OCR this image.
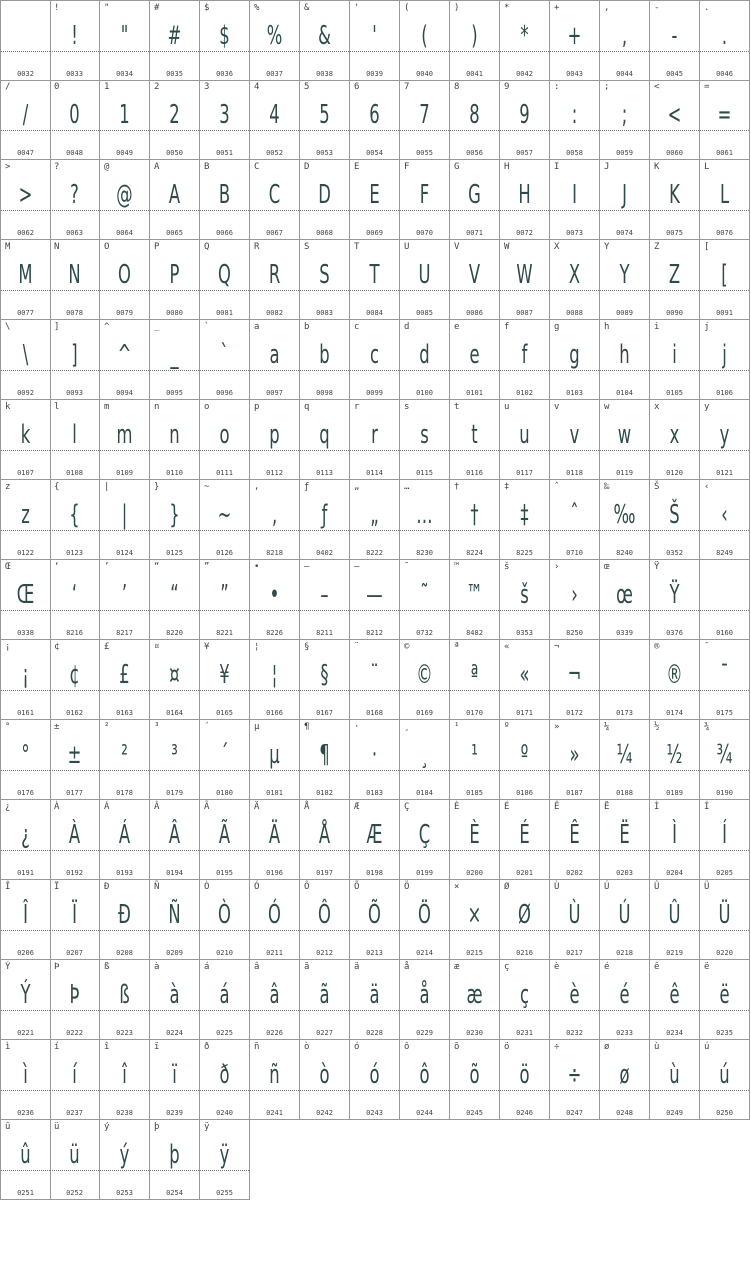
0032
!
!
0033
"
"
0034
#
#
0035
$
$
0036
%
%
0037
&
&
0038
'
'
0039
(
(
0040
)
)
0041
*
*
0042
+
+
0043
,
,
0044
-
-
0045
.
.
0046
/
/
0047
0
0
0048
1
1
0049
2
2
0050
3
3
0051
4
4
0052
5
5
0053
6
6
0054
7
7
0055
8
8
0056
9
9
0057
:
:
0058
;
;
0059
<
<
0060
=
=
0061
>
>
0062
?
?
0063
@
@
0064
A
A
0065
B
B
0066
C
C
0067
D
D
0068
E
E
0069
F
F
0070
G
G
0071
H
H
0072
I
I
0073
J
J
0074
K
K
0075
L
L
0076
M
M
0077
N
N
0078
O
O
0079
P
P
0080
Q
Q
0081
R
R
0082
S
S
0083
T
T
0084
U
U
0085
V
V
0086
W
W
0087
X
X
0088
Y
Y
0089
Z
Z
0090
[
[
0091
\
\
0092
]
]
0093
^
^
0094
_
_
0095
`
`
0096
a
a
0097
b
b
0098
c
c
0099
d
d
0100
e
e
0101
f
f
0102
g
g
0103
h
h
0104
i
i
0105
j
j
0106
k
k
0107
l
l
0108
m
m
0109
n
n
0110
o
o
0111
p
p
0112
q
q
0113
r
r
0114
s
s
0115
t
t
0116
u
u
0117
v
v
0118
w
w
0119
x
x
0120
y
y
0121
z
z
0122
{
{
0123
|
|
0124
}
}
0125
~
~
0126
‚
‚
8218
ƒ
ƒ
0402
„
„
8222
…
…
8230
†
†
8224
‡
‡
8225
ˆ
ˆ
0710
‰
‰
8240
Š
Š
0352
‹
‹
8249
Œ
Œ
0338
‘
‘
8216
’
’
8217
“
“
8220
”
”
8221
•
•
8226
–
–
8211
—
—
8212
˜
˜
0732
™
™
8482
š
š
0353
›
›
8250
œ
œ
0339
Ÿ
Ÿ
0376	0160
¡
¡
0161
¢
¢
0162
£
£
0163
¤
¤
0164
¥
¥
0165
¦
¦
0166
§
§
0167
¨
¨
0168
©
©
0169
ª
ª
0170
«
«
0171
¬
¬
0172	0173
®
®
0174
¯
¯
0175
°
°
0176
±
±
0177
²
²
0178
³
³
0179
´
´
0180
µ
µ
0181
¶
¶
0182
·
·
0183
¸
¸
0184
¹
¹
0185
º
º
0186
»
»
0187
¼
¼
0188
½
½
0189
¾
¾
0190
¿
¿
0191
À
À
0192
Á
Á
0193
Â
Â
0194
Ã
Ã
0195
Ä
Ä
0196
Å
Å
0197
Æ
Æ
0198
Ç
Ç
0199
È
È
0200
É
É
0201
Ê
Ê
0202
Ë
Ë
0203
Ì
Ì
0204
Í
Í
0205
Î
Î
0206
Ï
Ï
0207
Ð
Ð
0208
Ñ
Ñ
0209
Ò
Ò
0210
Ó
Ó
0211
Ô
Ô
0212
Õ
Õ
0213
Ö
Ö
0214
×
×
0215
Ø
Ø
0216
Ù
Ù
0217
Ú
Ú
0218
Û
Û
0219
Ü
Ü
0220
Ý
Ý
0221
Þ
Þ
0222
ß
ß
0223
à
à
0224
á
á
0225
â
â
0226
ã
ã
0227
ä
ä
0228
å
å
0229
æ
æ
0230
ç
ç
0231
è
è
0232
é
é
0233
ê
ê
0234
ë
ë
0235
ì
ì
0236
í
í
0237
î
î
0238
ï
ï
0239
ð
ð
0240
ñ
ñ
0241
ò
ò
0242
ó
ó
0243
ô
ô
0244
õ
õ
0245
ö
ö
0246
÷
÷
0247
ø
ø
0248
ù
ù
0249
ú
ú
0250
û
û
0251
ü
ü
0252
ý
ý
0253
þ
þ
0254
ÿ
ÿ
0255
